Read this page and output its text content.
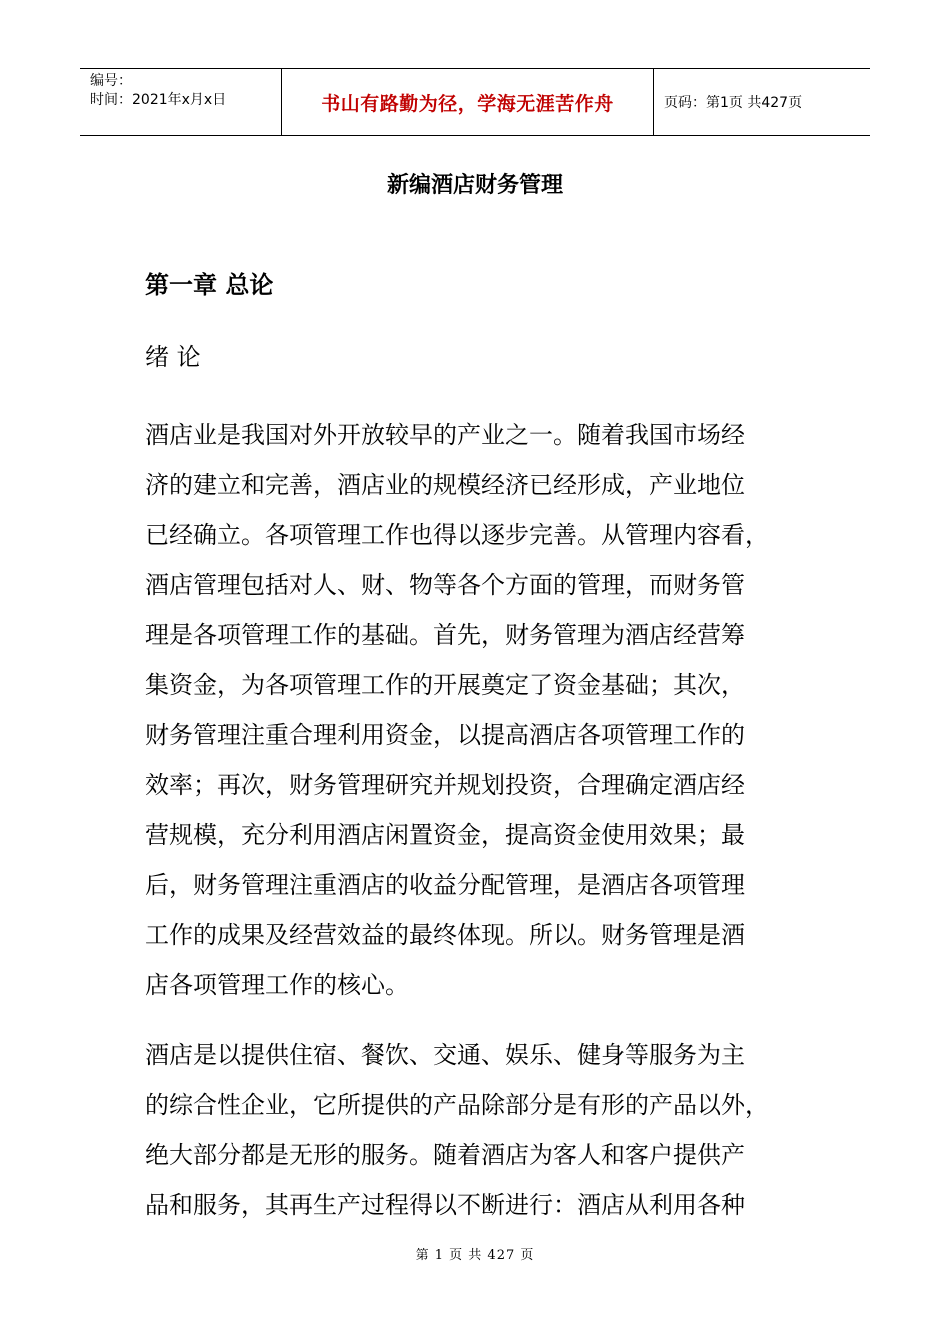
编号：
时间：2021年x月x日	书山有路勤为径，学海无涯苦作舟	页码：第1页 共427页
新编酒店财务管理
第一章 总论
绪 论
酒店业是我国对外开放较早的产业之一。随着我国市场经
济的建立和完善，酒店业的规模经济已经形成，产业地位
已经确立。各项管理工作也得以逐步完善。从管理内容看，
酒店管理包括对人、财、物等各个方面的管理，而财务管
理是各项管理工作的基础。首先，财务管理为酒店经营筹
集资金，为各项管理工作的开展奠定了资金基础；其次，
财务管理注重合理利用资金，以提高酒店各项管理工作的
效率；再次，财务管理研究并规划投资，合理确定酒店经
营规模，充分利用酒店闲置资金，提高资金使用效果；最
后，财务管理注重酒店的收益分配管理，是酒店各项管理
工作的成果及经营效益的最终体现。所以。财务管理是酒
店各项管理工作的核心。
酒店是以提供住宿、餐饮、交通、娱乐、健身等服务为主
的综合性企业，它所提供的产品除部分是有形的产品以外，
绝大部分都是无形的服务。随着酒店为客人和客户提供产
品和服务，其再生产过程得以不断进行：酒店从利用各种
第 1 页 共 427 页
